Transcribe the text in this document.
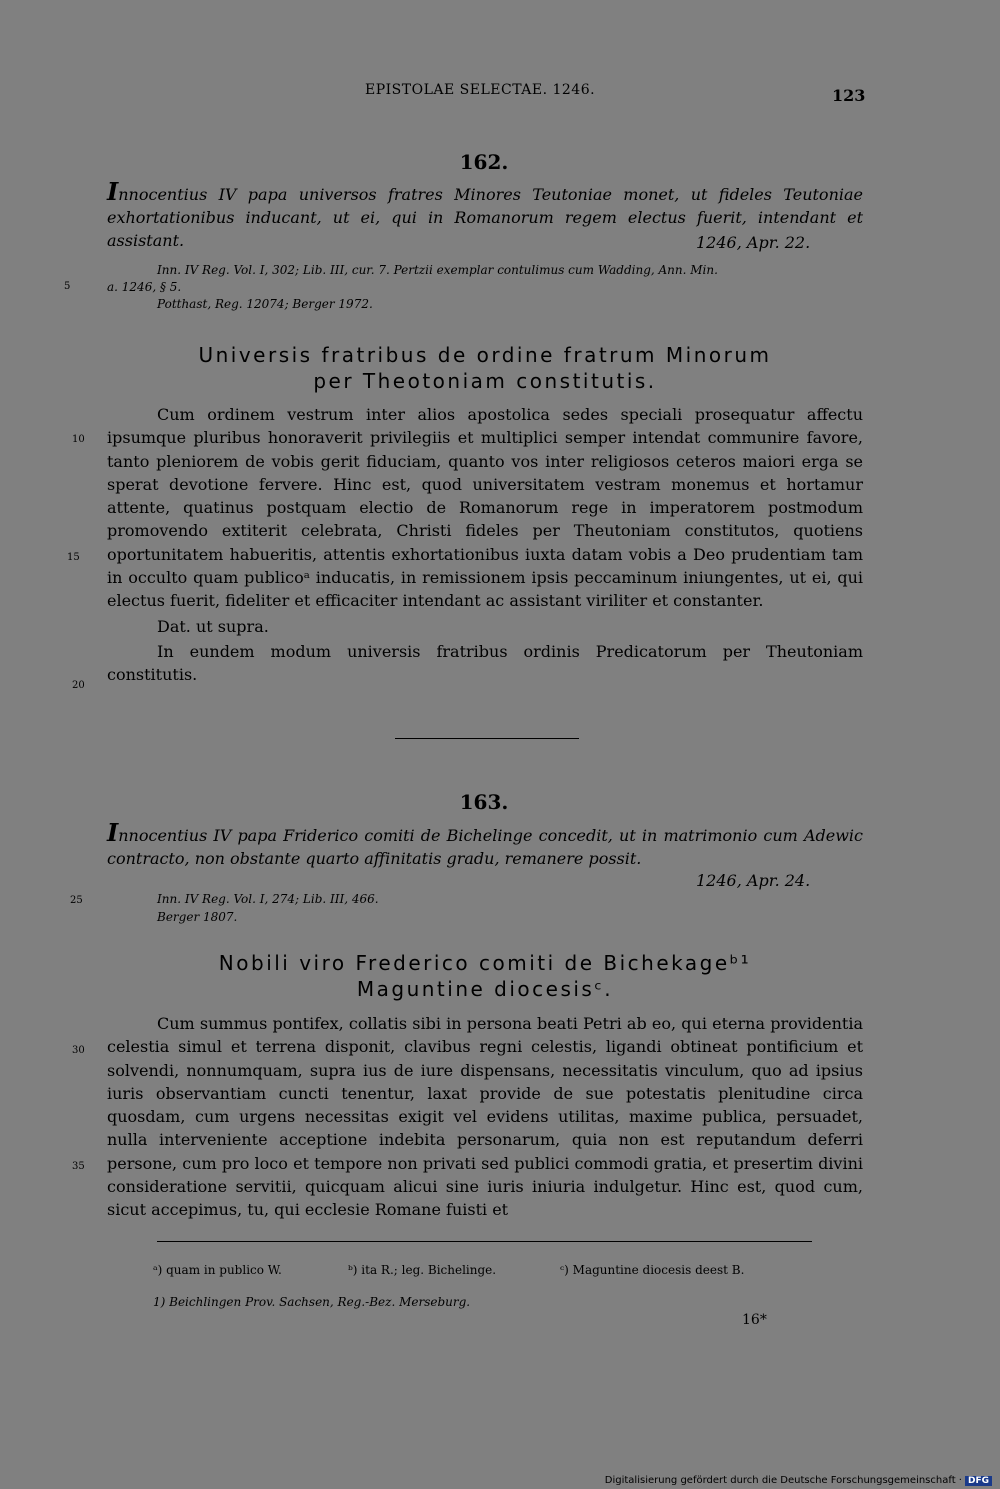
EPISTOLAE SELECTAE. 1246.	123
162.
Innocentius IV papa universos fratres Minores Teutoniae monet, ut fideles Teutoniae exhortationibus inducant, ut ei, qui in Romanorum regem electus fuerit, intendant et assistant.	1246, Apr. 22.
Inn. IV Reg. Vol. I, 302; Lib. III, cur. 7. Pertzii exemplar contulimus cum Wadding, Ann. Min.
a. 1246, § 5.
Potthast, Reg. 12074; Berger 1972.
Universis fratribus de ordine fratrum Minorum
per Theotoniam constitutis.

Cum ordinem vestrum inter alios apostolica sedes speciali prosequatur affectu ipsumque pluribus honoraverit privilegiis et multiplici semper intendat communire favore, tanto pleniorem de vobis gerit fiduciam, quanto vos inter religiosos ceteros maiori erga se sperat devotione fervere. Hinc est, quod universitatem vestram monemus et hortamur attente, quatinus postquam electio de Romanorum rege in imperatorem postmodum promovendo extiterit celebrata, Christi fideles per Theutoniam constitutos, quotiens oportunitatem habueritis, attentis exhortationibus iuxta datam vobis a Deo prudentiam tam in occulto quam publicoᵃ inducatis, in remissionem ipsis peccaminum iniungentes, ut ei, qui electus fuerit, fideliter et efficaciter intendant ac assistant viriliter et constanter.

Dat. ut supra.

In eundem modum universis fratribus ordinis Predicatorum per Theutoniam constitutis.

163.
Innocentius IV papa Friderico comiti de Bichelinge concedit, ut in matrimonio cum Adewic contracto, non obstante quarto affinitatis gradu, remanere possit.
1246, Apr. 24.
Inn. IV Reg. Vol. I, 274; Lib. III, 466.
Berger 1807.
Nobili viro Frederico comiti de Bichekageᵇ¹
Maguntine diocesisᶜ.

Cum summus pontifex, collatis sibi in persona beati Petri ab eo, qui eterna providentia celestia simul et terrena disponit, clavibus regni celestis, ligandi obtineat pontificium et solvendi, nonnumquam, supra ius de iure dispensans, necessitatis vinculum, quo ad ipsius iuris observantiam cuncti tenentur, laxat provide de sue potestatis plenitudine circa quosdam, cum urgens necessitas exigit vel evidens utilitas, maxime publica, persuadet, nulla interveniente acceptione indebita personarum, quia non est reputandum deferri persone, cum pro loco et tempore non privati sed publici commodi gratia, et presertim divini consideratione servitii, quicquam alicui sine iuris iniuria indulgetur. Hinc est, quod cum, sicut accepimus, tu, qui ecclesie Romane fuisti et

5
10
15
20
25
30
35
ᵃ) quam in publico W.	ᵇ) ita R.; leg. Bichelinge.	ᶜ) Maguntine diocesis deest B.
1) Beichlingen Prov. Sachsen, Reg.-Bez. Merseburg.
16*
Digitalisierung gefördert durch die Deutsche Forschungsgemeinschaft · DFG
